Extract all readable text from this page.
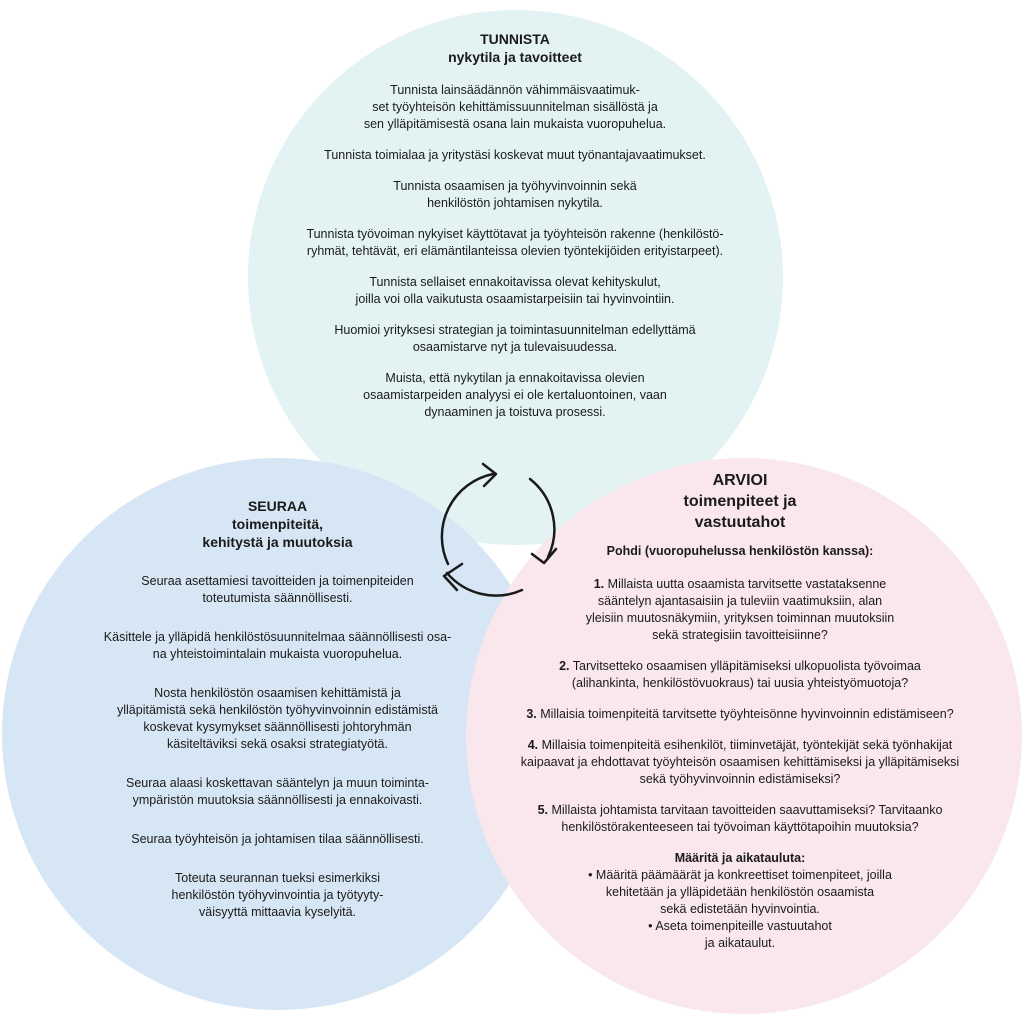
TUNNISTA

nykytila ja tavoitteet

Tunnista lainsäädännön vähimmäisvaatimuk-
set työyhteisön kehittämissuunnitelman sisällöstä ja
sen ylläpitämisestä osana lain mukaista vuoropuhelua.

Tunnista toimialaa ja yritystäsi koskevat muut työnantajavaatimukset.

Tunnista osaamisen ja työhyvinvoinnin sekä
henkilöstön johtamisen nykytila.

Tunnista työvoiman nykyiset käyttötavat ja työyhteisön rakenne (henkilöstö-
ryhmät, tehtävät, eri elämäntilanteissa olevien työntekijöiden erityistarpeet).

Tunnista sellaiset ennakoitavissa olevat kehityskulut,
joilla voi olla vaikutusta osaamistarpeisiin tai hyvinvointiin.

Huomioi yrityksesi strategian ja toimintasuunnitelman edellyttämä
osaamistarve nyt ja tulevaisuudessa.

Muista, että nykytilan ja ennakoitavissa olevien
osaamistarpeiden analyysi ei ole kertaluontoinen, vaan
dynaaminen ja toistuva prosessi.

SEURAA

toimenpiteitä,
kehitystä ja muutoksia

Seuraa asettamiesi tavoitteiden ja toimenpiteiden
toteutumista säännöllisesti.

Käsittele ja ylläpidä henkilöstösuunnitelmaa säännöllisesti osa-
na yhteistoimintalain mukaista vuoropuhelua.

Nosta henkilöstön osaamisen kehittämistä ja
ylläpitämistä sekä henkilöstön työhyvinvoinnin edistämistä
koskevat kysymykset säännöllisesti johtoryhmän
käsiteltäviksi sekä osaksi strategiatyötä.

Seuraa alaasi koskettavan sääntelyn ja muun toiminta-
ympäristön muutoksia säännöllisesti ja ennakoivasti.

Seuraa työyhteisön ja johtamisen tilaa säännöllisesti.

Toteuta seurannan tueksi esimerkiksi
henkilöstön työhyvinvointia ja työtyyty-
väisyyttä mittaavia kyselyitä.

ARVIOI

toimenpiteet ja
vastuutahot

Pohdi (vuoropuhelussa henkilöstön kanssa):

1. Millaista uutta osaamista tarvitsette vastataksenne
sääntelyn ajantasaisiin ja tuleviin vaatimuksiin, alan
yleisiin muutosnäkymiin, yrityksen toiminnan muutoksiin
sekä strategisiin tavoitteisiinne?

2. Tarvitsetteko osaamisen ylläpitämiseksi ulkopuolista työvoimaa
(alihankinta, henkilöstövuokraus) tai uusia yhteistyömuotoja?

3. Millaisia toimenpiteitä tarvitsette työyhteisönne hyvinvoinnin edistämiseen?

4. Millaisia toimenpiteitä esihenkilöt, tiiminvetäjät, työntekijät sekä työnhakijat
kaipaavat ja ehdottavat työyhteisön osaamisen kehittämiseksi ja ylläpitämiseksi
sekä työhyvinvoinnin edistämiseksi?

5. Millaista johtamista tarvitaan tavoitteiden saavuttamiseksi? Tarvitaanko
henkilöstörakenteeseen tai työvoiman käyttötapoihin muutoksia?

Määritä ja aikatauluta:

• Määritä päämäärät ja konkreettiset toimenpiteet, joilla
kehitetään ja ylläpidetään henkilöstön osaamista
sekä edistetään hyvinvointia.

• Aseta toimenpiteille vastuutahot
ja aikataulut.
